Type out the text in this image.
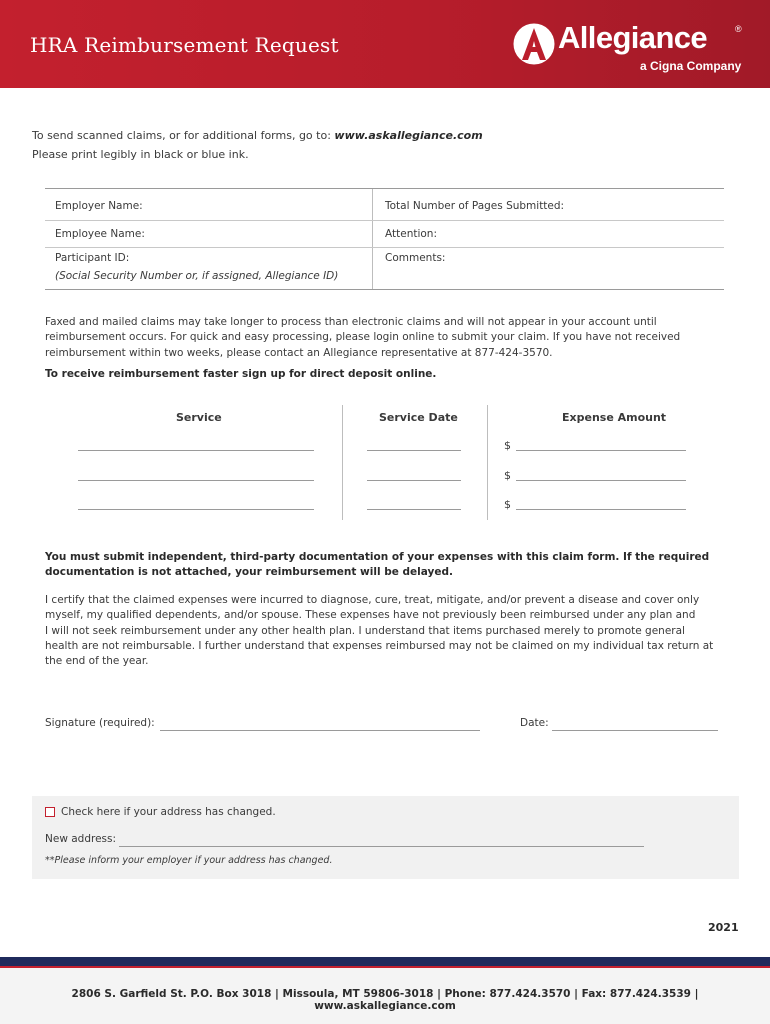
HRA Reimbursement Request	Allegiance	®
a Cigna Company
To send scanned claims, or for additional forms, go to: www.askallegiance.com
Please print legibly in black or blue ink.
Employer Name:	Total Number of Pages Submitted:
Employee Name:	Attention:
Participant ID:
(Social Security Number or, if assigned, Allegiance ID)
Comments:
Faxed and mailed claims may take longer to process than electronic claims and will not appear in your account until
reimbursement occurs. For quick and easy processing, please login online to submit your claim. If you have not received
reimbursement within two weeks, please contact an Allegiance representative at 877-424-3570.
To receive reimbursement faster sign up for direct deposit online.
Service	Service Date	Expense Amount
$
$
$
You must submit independent, third-party documentation of your expenses with this claim form. If the required
documentation is not attached, your reimbursement will be delayed.
I certify that the claimed expenses were incurred to diagnose, cure, treat, mitigate, and/or prevent a disease and cover only
myself, my qualified dependents, and/or spouse. These expenses have not previously been reimbursed under any plan and
I will not seek reimbursement under any other health plan. I understand that items purchased merely to promote general
health are not reimbursable. I further understand that expenses reimbursed may not be claimed on my individual tax return at
the end of the year.
Signature (required):	Date:
Check here if your address has changed.
New address:
**Please inform your employer if your address has changed.
2021
2806 S. Garfield St. P.O. Box 3018 | Missoula, MT 59806-3018 | Phone: 877.424.3570 | Fax: 877.424.3539 | www.askallegiance.com
